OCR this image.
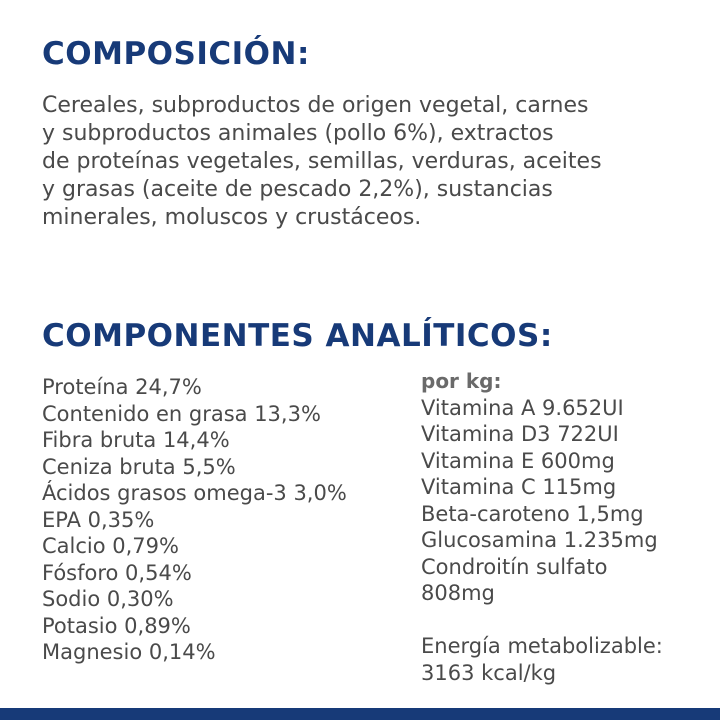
COMPOSICIÓN:

Cereales, subproductos de origen vegetal, carnes
y subproductos animales (pollo 6%), extractos
de proteínas vegetales, semillas, verduras, aceites
y grasas (aceite de pescado 2,2%), sustancias
minerales, moluscos y crustáceos.

COMPONENTES ANALÍTICOS:
Proteína 24,7%
Contenido en grasa 13,3%
Fibra bruta 14,4%
Ceniza bruta 5,5%
Ácidos grasos omega-3 3,0%
EPA 0,35%
Calcio 0,79%
Fósforo 0,54%
Sodio 0,30%
Potasio 0,89%
Magnesio 0,14%
por kg:
Vitamina A 9.652UI
Vitamina D3 722UI
Vitamina E 600mg
Vitamina C 115mg
Beta-caroteno 1,5mg
Glucosamina 1.235mg
Condroitín sulfato
808mg
Energía metabolizable:
3163 kcal/kg
